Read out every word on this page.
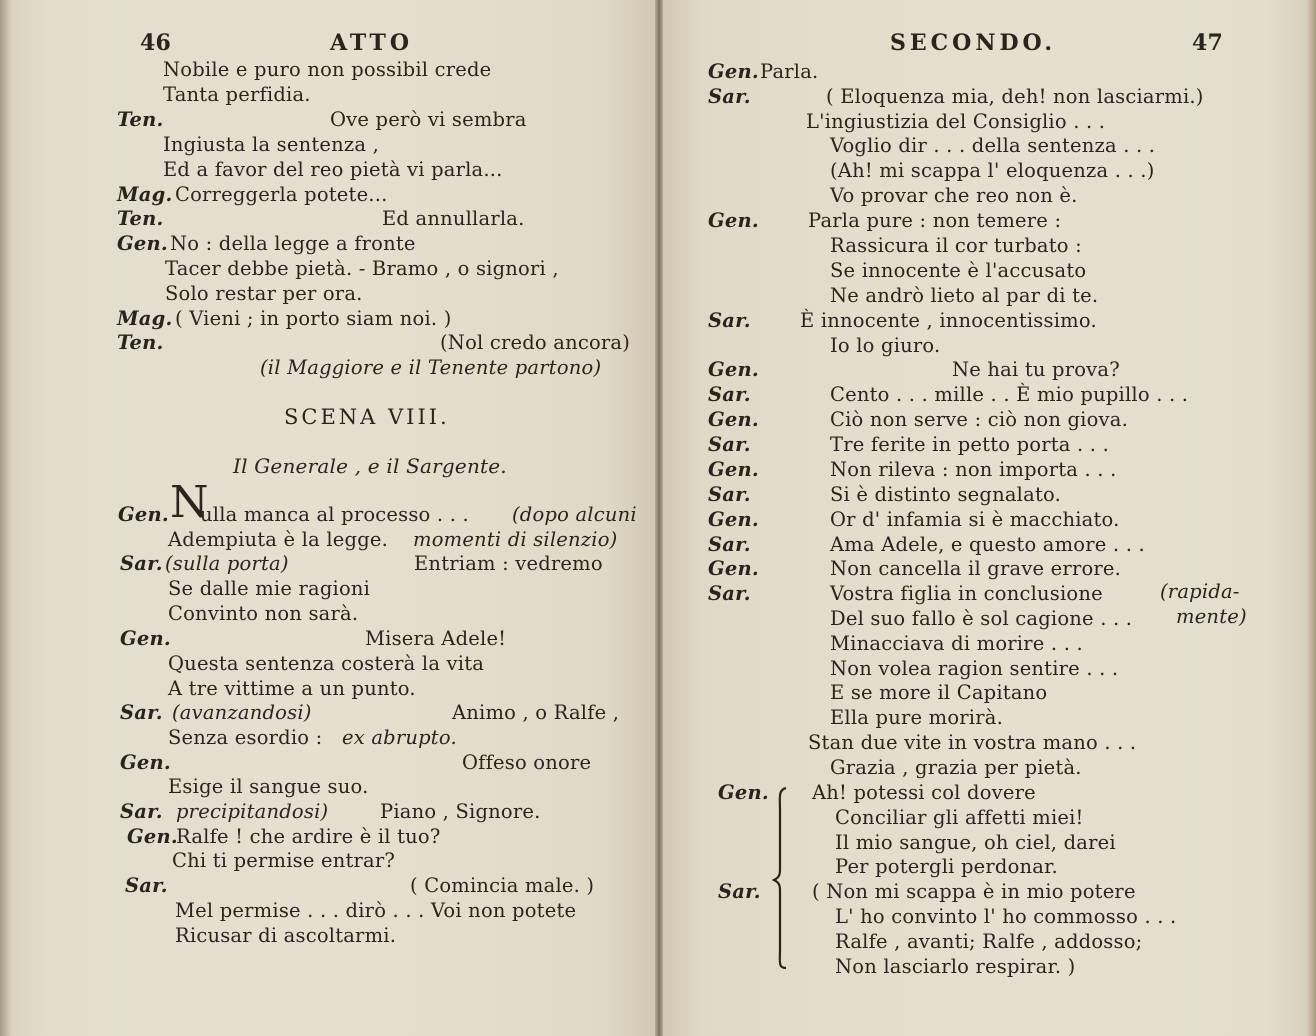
46	ATTO
Nobile e puro non possibil crede
Tanta perfidia.
Ten.	Ove però vi sembra
Ingiusta la sentenza ,
Ed a favor del reo pietà vi parla...
Mag. Correggerla potete...
Ten.	Ed annullarla.
Gen. No : della legge a fronte
Tacer debbe pietà. - Bramo , o signori ,
Solo restar per ora.
Mag. ( Vieni ; in porto siam noi. )
Ten.	(Nol credo ancora)
(il Maggiore e il Tenente partono)
SCENA VIII.
Il Generale , e il Sargente.
Gen. N
ulla manca al processo . . . (dopo alcuni
Adempiuta è la legge. momenti di silenzio)
Sar. (sulla porta)	Entriam : vedremo
Se dalle mie ragioni
Convinto non sarà.
Gen.	Misera Adele!
Questa sentenza costerà la vita
A tre vittime a un punto.
Sar. (avanzandosi)	Animo , o Ralfe ,
Senza esordio : ex abrupto.
Gen.	Offeso onore
Esige il sangue suo.
Sar. precipitandosi)	Piano , Signore.
Gen.
Ralfe ! che ardire è il tuo?
Chi ti permise entrar?
Sar.	( Comincia male. )
Mel permise . . . dirò . . . Voi non potete
Ricusar di ascoltarmi.
SECONDO.	47
Gen. Parla.
Sar.	( Eloquenza mia, deh! non lasciarmi.)
L'ingiustizia del Consiglio . . .
Voglio dir . . . della sentenza . . .
(Ah! mi scappa l' eloquenza . . .)
Vo provar che reo non è.
Gen.	Parla pure : non temere :
Rassicura il cor turbato :
Se innocente è l'accusato
Ne andrò lieto al par di te.
Sar.	È innocente , innocentissimo.
Io lo giuro.
Gen.	Ne hai tu prova?
Sar.	Cento . . . mille . . È mio pupillo . . .
Gen.	Ciò non serve : ciò non giova.
Sar.	Tre ferite in petto porta . . .
Gen.	Non rileva : non importa . . .
Sar.	Si è distinto segnalato.
Gen.	Or d' infamia si è macchiato.
Sar.	Ama Adele, e questo amore . . .
Gen.	Non cancella il grave errore.
Sar.	Vostra figlia in conclusione	(rapida-
Del suo fallo è sol cagione . . . mente)
Minacciava di morire . . .
Non volea ragion sentire . . .
E se more il Capitano
Ella pure morirà.
Stan due vite in vostra mano . . .
Grazia , grazia per pietà.
Gen. Ah! potessi col dovere
Conciliar gli affetti miei!
Il mio sangue, oh ciel, darei
Per potergli perdonar.
Sar.	( Non mi scappa è in mio potere
L' ho convinto l' ho commosso . . .
Ralfe , avanti; Ralfe , addosso;
Non lasciarlo respirar. )
